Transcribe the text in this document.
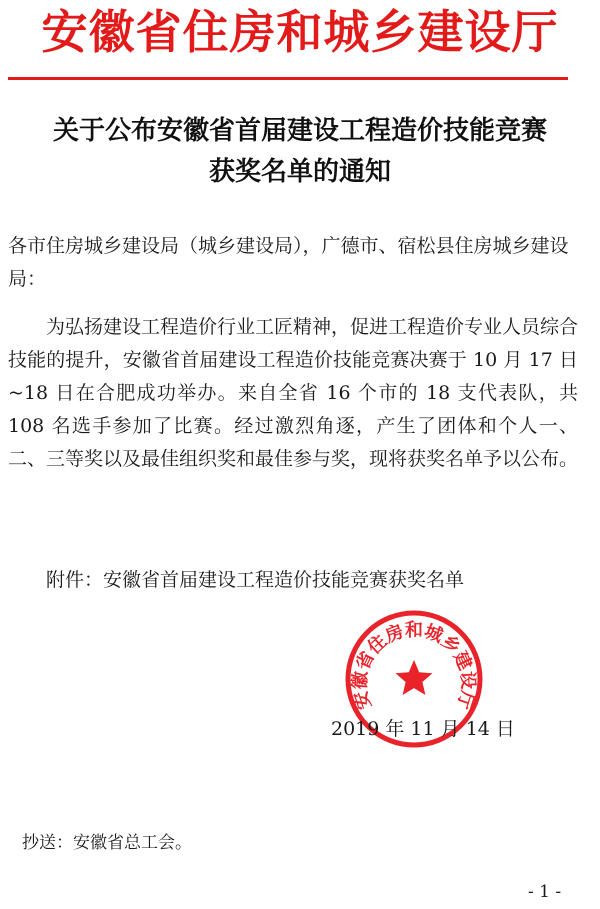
安徽省住房和城乡建设厅
关于公布安徽省首届建设工程造价技能竞赛
获奖名单的通知
各市住房城乡建设局（城乡建设局），广德市、宿松县住房城乡建设局：
为弘扬建设工程造价行业工匠精神，促进工程造价专业人员综合技能的提升，安徽省首届建设工程造价技能竞赛决赛于 10 月 17 日~18 日在合肥成功举办。来自全省 16 个市的 18 支代表队，共 108 名选手参加了比赛。经过激烈角逐，产生了团体和个人一、二、三等奖以及最佳组织奖和最佳参与奖，现将获奖名单予以公布。
附件：安徽省首届建设工程造价技能竞赛获奖名单
安徽省住房和城乡建设厅
2019 年 11 月 14 日
抄送：安徽省总工会。
- 1 -
